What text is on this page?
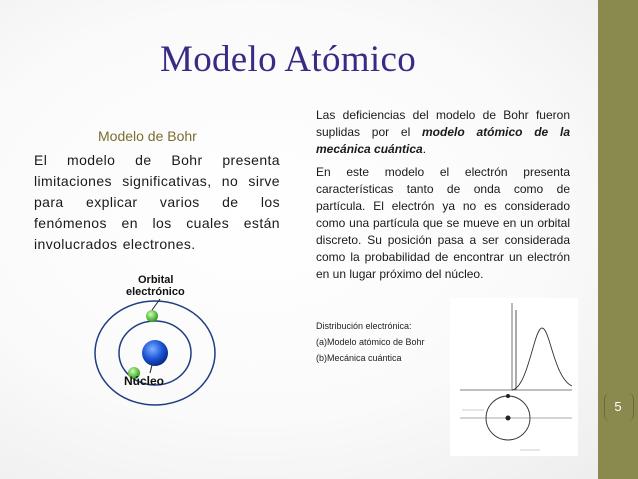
Modelo Atómico
Modelo de Bohr
El modelo de Bohr presenta limitaciones significativas, no sirve para explicar varios de los fenómenos en los cuales están involucrados electrones.
Orbital
electrónico
Núcleo

Las deficiencias del modelo de Bohr fueron suplidas por el modelo atómico de la mecánica cuántica.

En este modelo el electrón presenta características tanto de onda como de partícula. El electrón ya no es considerado como una partícula que se mueve en un orbital discreto. Su posición pasa a ser considerada como la probabilidad de encontrar un electrón en un lugar próximo del núcleo.

Distribución electrónica:
(a)Modelo atómico de Bohr
(b)Mecánica cuántica
5
